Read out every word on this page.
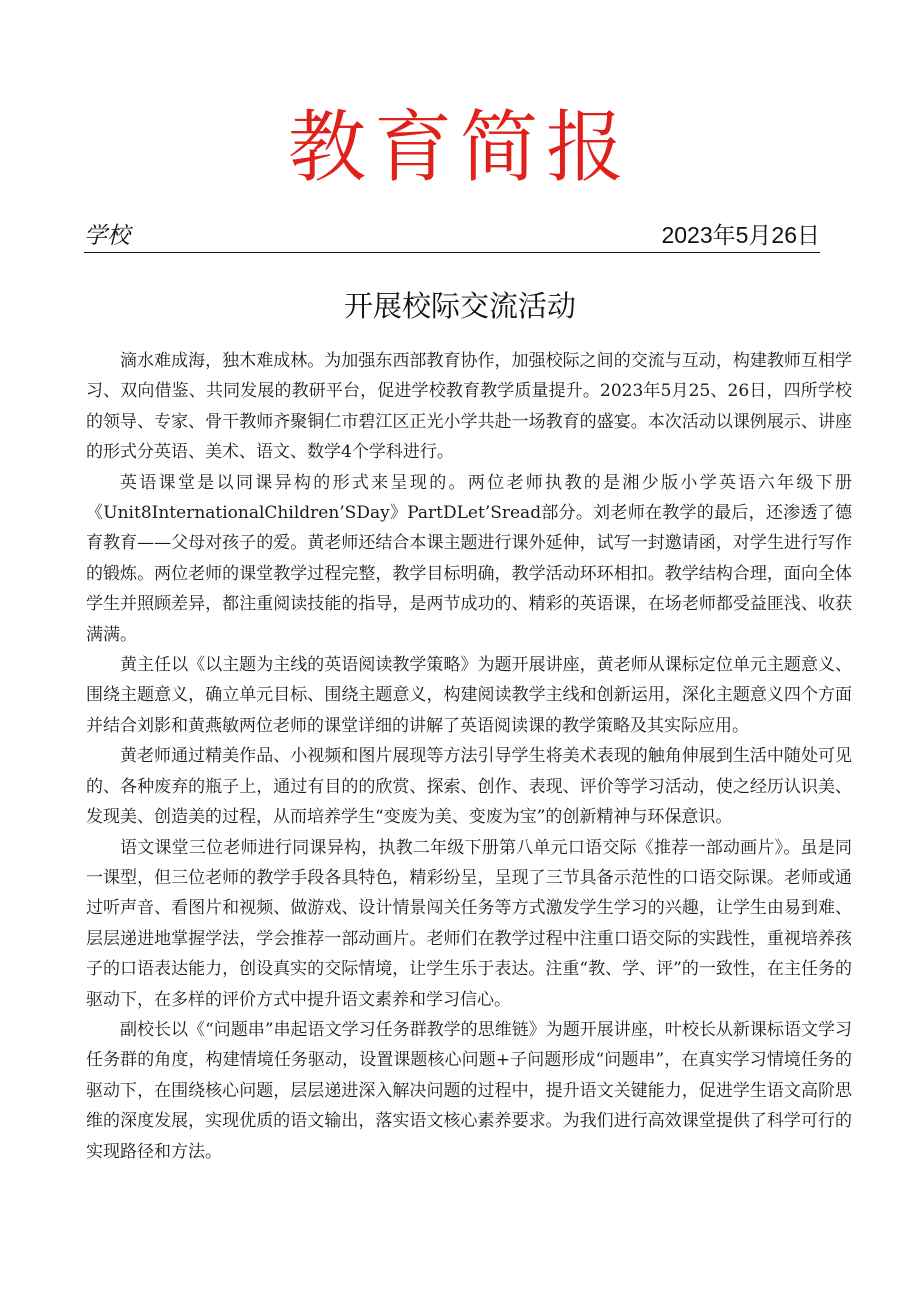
教育简报
学校	2023年5月26日
开展校际交流活动

滴水难成海，独木难成林。为加强东西部教育协作，加强校际之间的交流与互动，构建教师互相学习、双向借鉴、共同发展的教研平台，促进学校教育教学质量提升。2023年5月25、26日，四所学校的领导、专家、骨干教师齐聚铜仁市碧江区正光小学共赴一场教育的盛宴。本次活动以课例展示、讲座的形式分英语、美术、语文、数学4个学科进行。

英语课堂是以同课异构的形式来呈现的。两位老师执教的是湘少版小学英语六年级下册《Unit8InternationalChildren’SDay》PartDLet’Sread部分。刘老师在教学的最后，还渗透了德育教育——父母对孩子的爱。黄老师还结合本课主题进行课外延伸，试写一封邀请函，对学生进行写作的锻炼。两位老师的课堂教学过程完整，教学目标明确，教学活动环环相扣。教学结构合理，面向全体学生并照顾差异，都注重阅读技能的指导，是两节成功的、精彩的英语课，在场老师都受益匪浅、收获满满。

黄主任以《以主题为主线的英语阅读教学策略》为题开展讲座，黄老师从课标定位单元主题意义、围绕主题意义，确立单元目标、围绕主题意义，构建阅读教学主线和创新运用，深化主题意义四个方面并结合刘影和黄燕敏两位老师的课堂详细的讲解了英语阅读课的教学策略及其实际应用。

黄老师通过精美作品、小视频和图片展现等方法引导学生将美术表现的触角伸展到生活中随处可见的、各种废弃的瓶子上，通过有目的的欣赏、探索、创作、表现、评价等学习活动，使之经历认识美、发现美、创造美的过程，从而培养学生“变废为美、变废为宝”的创新精神与环保意识。

语文课堂三位老师进行同课异构，执教二年级下册第八单元口语交际《推荐一部动画片》。虽是同一课型，但三位老师的教学手段各具特色，精彩纷呈，呈现了三节具备示范性的口语交际课。老师或通过听声音、看图片和视频、做游戏、设计情景闯关任务等方式激发学生学习的兴趣，让学生由易到难、层层递进地掌握学法，学会推荐一部动画片。老师们在教学过程中注重口语交际的实践性，重视培养孩子的口语表达能力，创设真实的交际情境，让学生乐于表达。注重“教、学、评”的一致性，在主任务的驱动下，在多样的评价方式中提升语文素养和学习信心。

副校长以《“问题串”串起语文学习任务群教学的思维链》为题开展讲座，叶校长从新课标语文学习任务群的角度，构建情境任务驱动，设置课题核心问题+子问题形成“问题串”，在真实学习情境任务的驱动下，在围绕核心问题，层层递进深入解决问题的过程中，提升语文关键能力，促进学生语文高阶思维的深度发展，实现优质的语文输出，落实语文核心素养要求。为我们进行高效课堂提供了科学可行的实现路径和方法。
